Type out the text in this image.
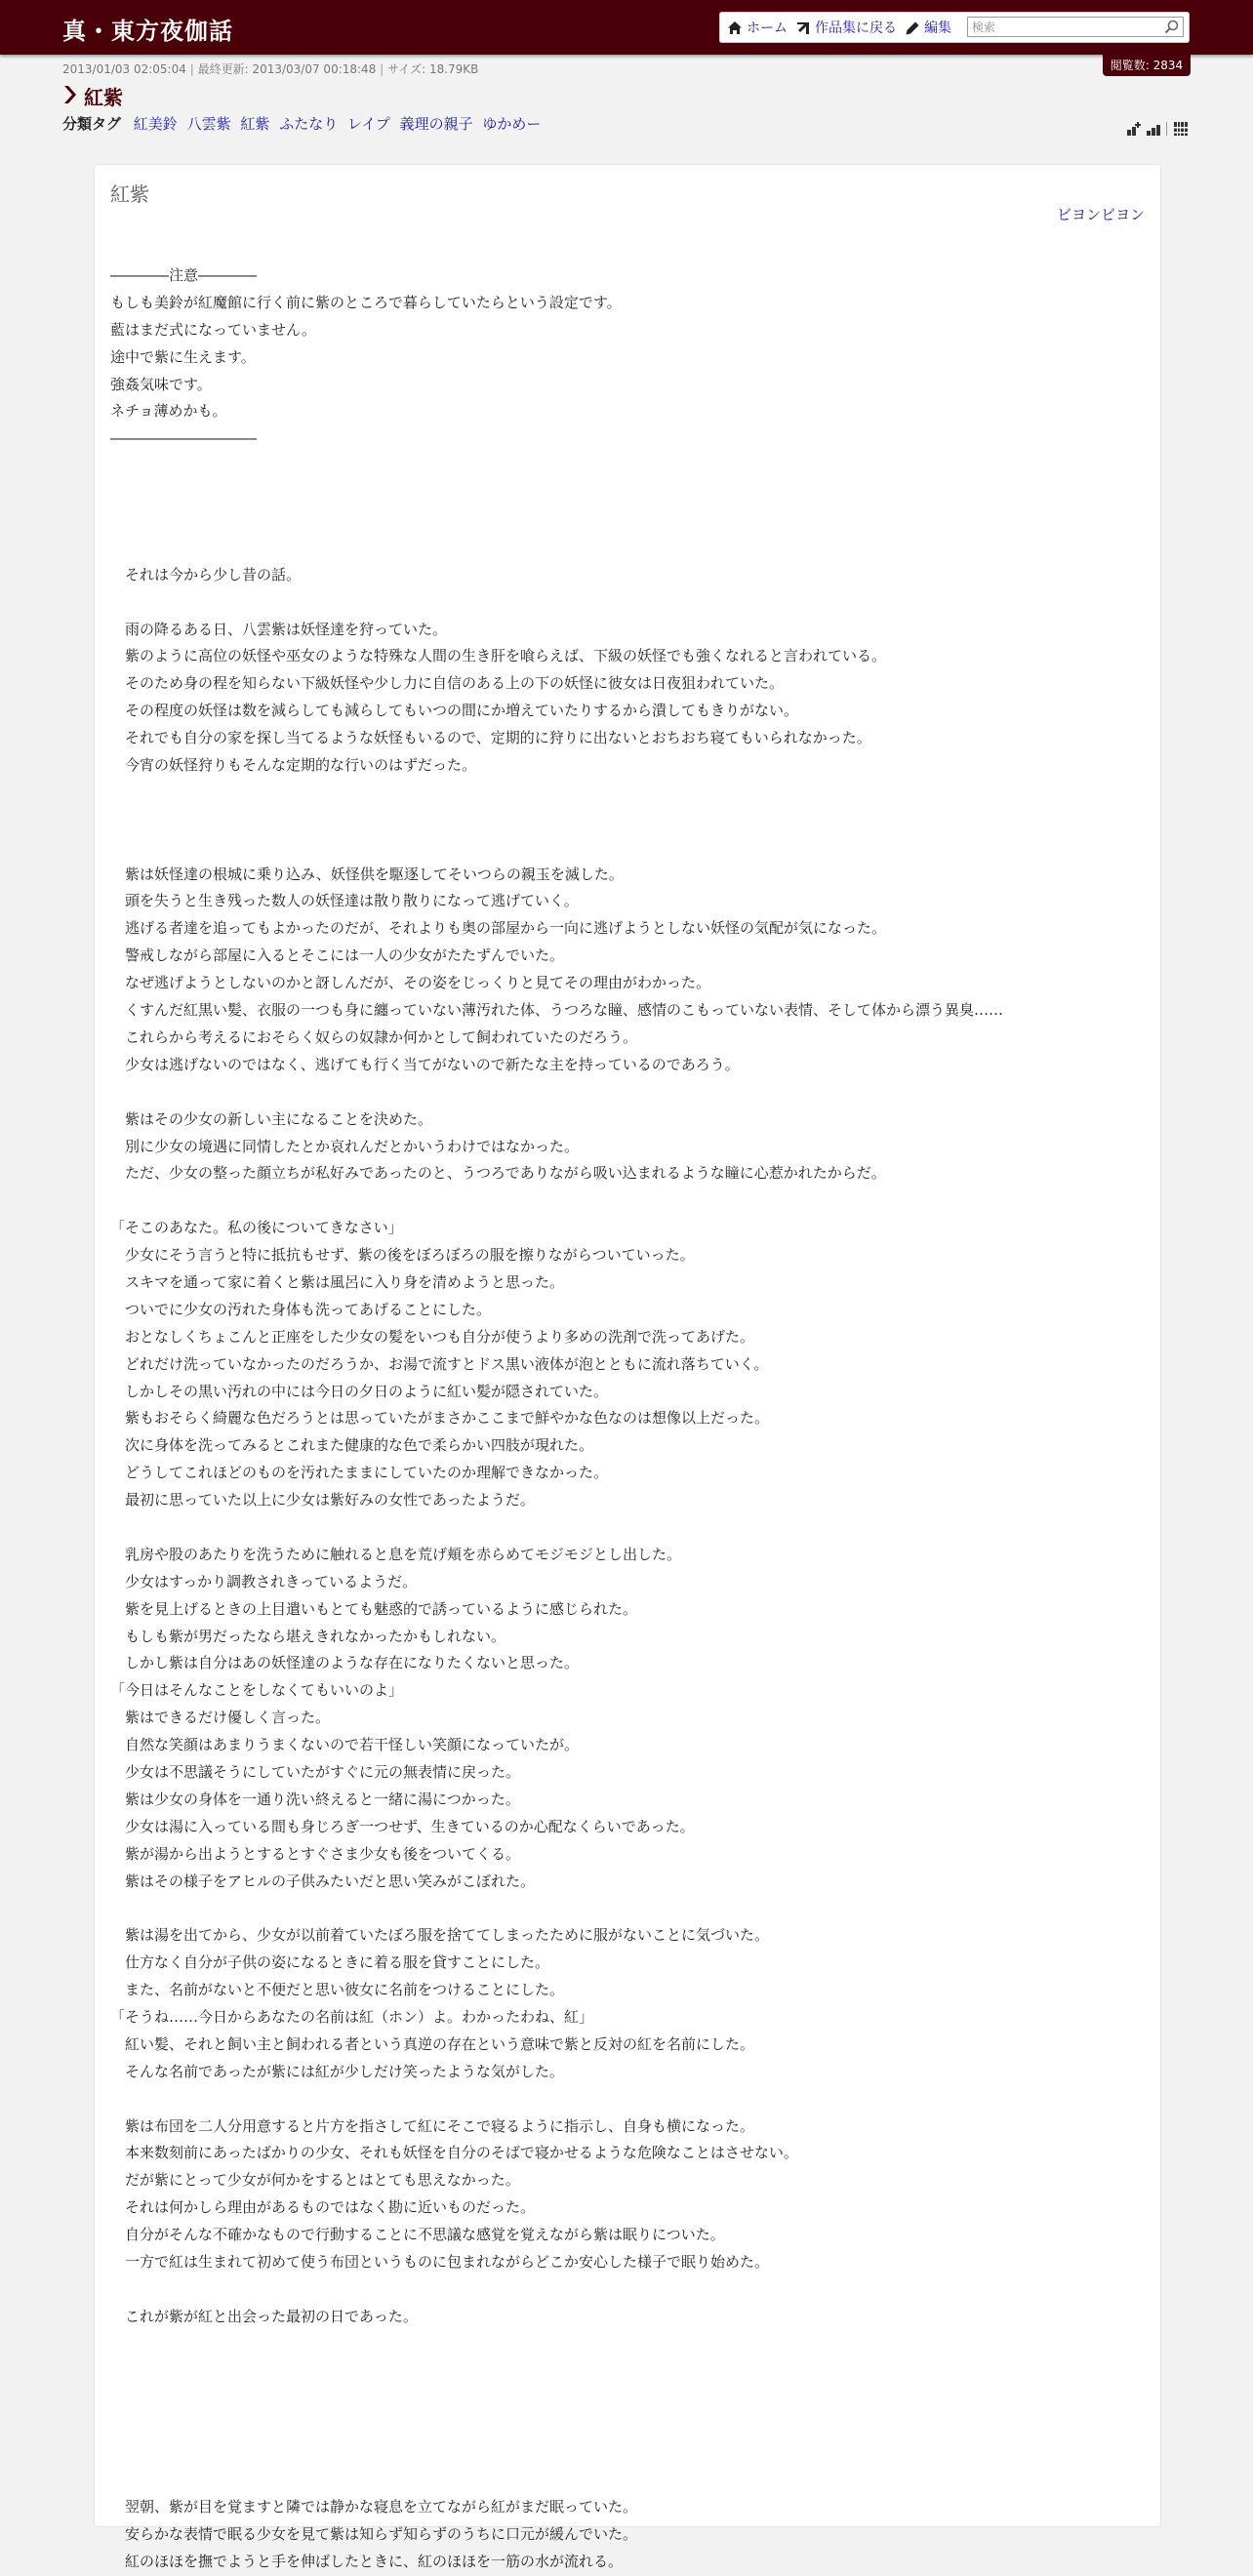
真・東方夜伽話	ホーム 作品集に戻る 編集
検索
閲覧数: 2834
2013/01/03 02:05:04 | 最終更新: 2013/03/07 00:18:48 | サイズ: 18.79KB
紅紫
分類タグ 紅美鈴 八雲紫 紅紫 ふたなり レイプ 義理の親子 ゆかめー
紅紫
ビヨンビヨン
――――注意――――
もしも美鈴が紅魔館に行く前に紫のところで暮らしていたらという設定です。
藍はまだ式になっていません。
途中で紫に生えます。
強姦気味です。
ネチョ薄めかも。
――――――――――
　それは今から少し昔の話。
　雨の降るある日、八雲紫は妖怪達を狩っていた。
　紫のように高位の妖怪や巫女のような特殊な人間の生き肝を喰らえば、下級の妖怪でも強くなれると言われている。
　そのため身の程を知らない下級妖怪や少し力に自信のある上の下の妖怪に彼女は日夜狙われていた。
　その程度の妖怪は数を減らしても減らしてもいつの間にか増えていたりするから潰してもきりがない。
　それでも自分の家を探し当てるような妖怪もいるので、定期的に狩りに出ないとおちおち寝てもいられなかった。
　今宵の妖怪狩りもそんな定期的な行いのはずだった。
　紫は妖怪達の根城に乗り込み、妖怪供を駆逐してそいつらの親玉を滅した。
　頭を失うと生き残った数人の妖怪達は散り散りになって逃げていく。
　逃げる者達を追ってもよかったのだが、それよりも奥の部屋から一向に逃げようとしない妖怪の気配が気になった。
　警戒しながら部屋に入るとそこには一人の少女がたたずんでいた。
　なぜ逃げようとしないのかと訝しんだが、その姿をじっくりと見てその理由がわかった。
　くすんだ紅黒い髪、衣服の一つも身に纏っていない薄汚れた体、うつろな瞳、感情のこもっていない表情、そして体から漂う異臭……
　これらから考えるにおそらく奴らの奴隷か何かとして飼われていたのだろう。
　少女は逃げないのではなく、逃げても行く当てがないので新たな主を持っているのであろう。
　紫はその少女の新しい主になることを決めた。
　別に少女の境遇に同情したとか哀れんだとかいうわけではなかった。
　ただ、少女の整った顔立ちが私好みであったのと、うつろでありながら吸い込まれるような瞳に心惹かれたからだ。
「そこのあなた。私の後についてきなさい」
　少女にそう言うと特に抵抗もせず、紫の後をぼろぼろの服を擦りながらついていった。
　スキマを通って家に着くと紫は風呂に入り身を清めようと思った。
　ついでに少女の汚れた身体も洗ってあげることにした。
　おとなしくちょこんと正座をした少女の髪をいつも自分が使うより多めの洗剤で洗ってあげた。
　どれだけ洗っていなかったのだろうか、お湯で流すとドス黒い液体が泡とともに流れ落ちていく。
　しかしその黒い汚れの中には今日の夕日のように紅い髪が隠されていた。
　紫もおそらく綺麗な色だろうとは思っていたがまさかここまで鮮やかな色なのは想像以上だった。
　次に身体を洗ってみるとこれまた健康的な色で柔らかい四肢が現れた。
　どうしてこれほどのものを汚れたままにしていたのか理解できなかった。
　最初に思っていた以上に少女は紫好みの女性であったようだ。
　乳房や股のあたりを洗うために触れると息を荒げ頬を赤らめてモジモジとし出した。
　少女はすっかり調教されきっているようだ。
　紫を見上げるときの上目遣いもとても魅惑的で誘っているように感じられた。
　もしも紫が男だったなら堪えきれなかったかもしれない。
　しかし紫は自分はあの妖怪達のような存在になりたくないと思った。
「今日はそんなことをしなくてもいいのよ」
　紫はできるだけ優しく言った。
　自然な笑顔はあまりうまくないので若干怪しい笑顔になっていたが。
　少女は不思議そうにしていたがすぐに元の無表情に戻った。
　紫は少女の身体を一通り洗い終えると一緒に湯につかった。
　少女は湯に入っている間も身じろぎ一つせず、生きているのか心配なくらいであった。
　紫が湯から出ようとするとすぐさま少女も後をついてくる。
　紫はその様子をアヒルの子供みたいだと思い笑みがこぼれた。
　紫は湯を出てから、少女が以前着ていたぼろ服を捨ててしまったために服がないことに気づいた。
　仕方なく自分が子供の姿になるときに着る服を貸すことにした。
　また、名前がないと不便だと思い彼女に名前をつけることにした。
「そうね……今日からあなたの名前は紅（ホン）よ。わかったわね、紅」
　紅い髪、それと飼い主と飼われる者という真逆の存在という意味で紫と反対の紅を名前にした。
　そんな名前であったが紫には紅が少しだけ笑ったような気がした。
　紫は布団を二人分用意すると片方を指さして紅にそこで寝るように指示し、自身も横になった。
　本来数刻前にあったばかりの少女、それも妖怪を自分のそばで寝かせるような危険なことはさせない。
　だが紫にとって少女が何かをするとはとても思えなかった。
　それは何かしら理由があるものではなく勘に近いものだった。
　自分がそんな不確かなもので行動することに不思議な感覚を覚えながら紫は眠りについた。
　一方で紅は生まれて初めて使う布団というものに包まれながらどこか安心した様子で眠り始めた。
　これが紫が紅と出会った最初の日であった。
　翌朝、紫が目を覚ますと隣では静かな寝息を立てながら紅がまだ眠っていた。
　安らかな表情で眠る少女を見て紫は知らず知らずのうちに口元が緩んでいた。
　紅のほほを撫でようと手を伸ばしたときに、紅のほほを一筋の水が流れる。
